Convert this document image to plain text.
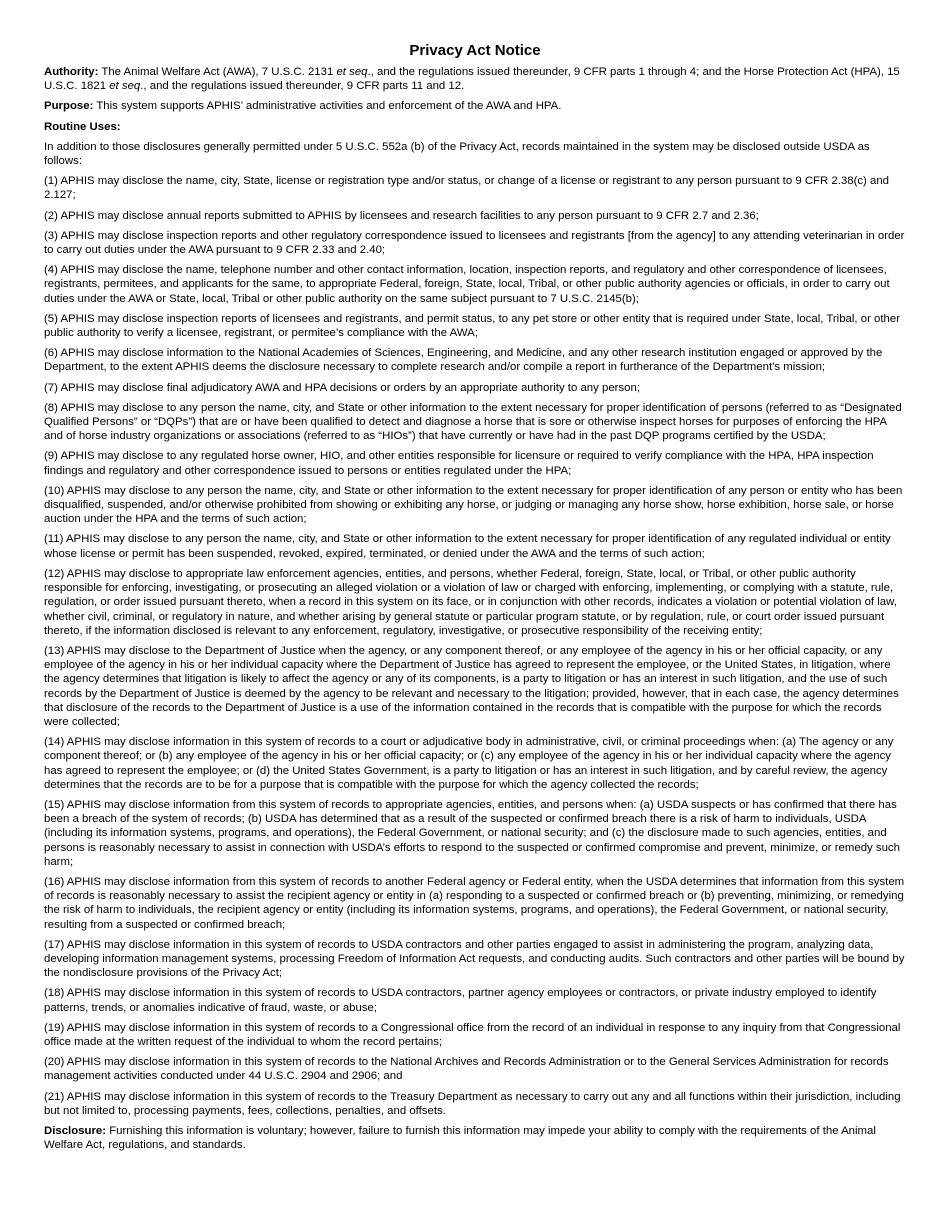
Privacy Act Notice

Authority: The Animal Welfare Act (AWA), 7 U.S.C. 2131 et seq., and the regulations issued thereunder, 9 CFR parts 1 through 4; and the Horse Protection Act (HPA), 15 U.S.C. 1821 et seq., and the regulations issued thereunder, 9 CFR parts 11 and 12.

Purpose: This system supports APHIS’ administrative activities and enforcement of the AWA and HPA.

Routine Uses:

In addition to those disclosures generally permitted under 5 U.S.C. 552a (b) of the Privacy Act, records maintained in the system may be disclosed outside USDA as follows:

(1) APHIS may disclose the name, city, State, license or registration type and/or status, or change of a license or registrant to any person pursuant to 9 CFR 2.38(c) and 2.127;

(2) APHIS may disclose annual reports submitted to APHIS by licensees and research facilities to any person pursuant to 9 CFR 2.7 and 2.36;

(3) APHIS may disclose inspection reports and other regulatory correspondence issued to licensees and registrants [from the agency] to any attending veterinarian in order to carry out duties under the AWA pursuant to 9 CFR 2.33 and 2.40;

(4) APHIS may disclose the name, telephone number and other contact information, location, inspection reports, and regulatory and other correspondence of licensees, registrants, permitees, and applicants for the same, to appropriate Federal, foreign, State, local, Tribal, or other public authority agencies or officials, in order to carry out duties under the AWA or State, local, Tribal or other public authority on the same subject pursuant to 7 U.S.C. 2145(b);

(5) APHIS may disclose inspection reports of licensees and registrants, and permit status, to any pet store or other entity that is required under State, local, Tribal, or other public authority to verify a licensee, registrant, or permitee’s compliance with the AWA;

(6) APHIS may disclose information to the National Academies of Sciences, Engineering, and Medicine, and any other research institution engaged or approved by the Department, to the extent APHIS deems the disclosure necessary to complete research and/or compile a report in furtherance of the Department’s mission;

(7) APHIS may disclose final adjudicatory AWA and HPA decisions or orders by an appropriate authority to any person;

(8) APHIS may disclose to any person the name, city, and State or other information to the extent necessary for proper identification of persons (referred to as “Designated Qualified Persons” or “DQPs”) that are or have been qualified to detect and diagnose a horse that is sore or otherwise inspect horses for purposes of enforcing the HPA and of horse industry organizations or associations (referred to as “HIOs”) that have currently or have had in the past DQP programs certified by the USDA;

(9) APHIS may disclose to any regulated horse owner, HIO, and other entities responsible for licensure or required to verify compliance with the HPA, HPA inspection findings and regulatory and other correspondence issued to persons or entities regulated under the HPA;

(10) APHIS may disclose to any person the name, city, and State or other information to the extent necessary for proper identification of any person or entity who has been disqualified, suspended, and/or otherwise prohibited from showing or exhibiting any horse, or judging or managing any horse show, horse exhibition, horse sale, or horse auction under the HPA and the terms of such action;

(11) APHIS may disclose to any person the name, city, and State or other information to the extent necessary for proper identification of any regulated individual or entity whose license or permit has been suspended, revoked, expired, terminated, or denied under the AWA and the terms of such action;

(12) APHIS may disclose to appropriate law enforcement agencies, entities, and persons, whether Federal, foreign, State, local, or Tribal, or other public authority responsible for enforcing, investigating, or prosecuting an alleged violation or a violation of law or charged with enforcing, implementing, or complying with a statute, rule, regulation, or order issued pursuant thereto, when a record in this system on its face, or in conjunction with other records, indicates a violation or potential violation of law, whether civil, criminal, or regulatory in nature, and whether arising by general statute or particular program statute, or by regulation, rule, or court order issued pursuant thereto, if the information disclosed is relevant to any enforcement, regulatory, investigative, or prosecutive responsibility of the receiving entity;

(13) APHIS may disclose to the Department of Justice when the agency, or any component thereof, or any employee of the agency in his or her official capacity, or any employee of the agency in his or her individual capacity where the Department of Justice has agreed to represent the employee, or the United States, in litigation, where the agency determines that litigation is likely to affect the agency or any of its components, is a party to litigation or has an interest in such litigation, and the use of such records by the Department of Justice is deemed by the agency to be relevant and necessary to the litigation; provided, however, that in each case, the agency determines that disclosure of the records to the Department of Justice is a use of the information contained in the records that is compatible with the purpose for which the records were collected;

(14) APHIS may disclose information in this system of records to a court or adjudicative body in administrative, civil, or criminal proceedings when: (a) The agency or any component thereof; or (b) any employee of the agency in his or her official capacity; or (c) any employee of the agency in his or her individual capacity where the agency has agreed to represent the employee; or (d) the United States Government, is a party to litigation or has an interest in such litigation, and by careful review, the agency determines that the records are to be for a purpose that is compatible with the purpose for which the agency collected the records;

(15) APHIS may disclose information from this system of records to appropriate agencies, entities, and persons when: (a) USDA suspects or has confirmed that there has been a breach of the system of records; (b) USDA has determined that as a result of the suspected or confirmed breach there is a risk of harm to individuals, USDA (including its information systems, programs, and operations), the Federal Government, or national security; and (c) the disclosure made to such agencies, entities, and persons is reasonably necessary to assist in connection with USDA’s efforts to respond to the suspected or confirmed compromise and prevent, minimize, or remedy such harm;

(16) APHIS may disclose information from this system of records to another Federal agency or Federal entity, when the USDA determines that information from this system of records is reasonably necessary to assist the recipient agency or entity in (a) responding to a suspected or confirmed breach or (b) preventing, minimizing, or remedying the risk of harm to individuals, the recipient agency or entity (including its information systems, programs, and operations), the Federal Government, or national security, resulting from a suspected or confirmed breach;

(17) APHIS may disclose information in this system of records to USDA contractors and other parties engaged to assist in administering the program, analyzing data, developing information management systems, processing Freedom of Information Act requests, and conducting audits. Such contractors and other parties will be bound by the nondisclosure provisions of the Privacy Act;

(18) APHIS may disclose information in this system of records to USDA contractors, partner agency employees or contractors, or private industry employed to identify patterns, trends, or anomalies indicative of fraud, waste, or abuse;

(19) APHIS may disclose information in this system of records to a Congressional office from the record of an individual in response to any inquiry from that Congressional office made at the written request of the individual to whom the record pertains;

(20) APHIS may disclose information in this system of records to the National Archives and Records Administration or to the General Services Administration for records management activities conducted under 44 U.S.C. 2904 and 2906; and

(21) APHIS may disclose information in this system of records to the Treasury Department as necessary to carry out any and all functions within their jurisdiction, including but not limited to, processing payments, fees, collections, penalties, and offsets.

Disclosure: Furnishing this information is voluntary; however, failure to furnish this information may impede your ability to comply with the requirements of the Animal Welfare Act, regulations, and standards.
